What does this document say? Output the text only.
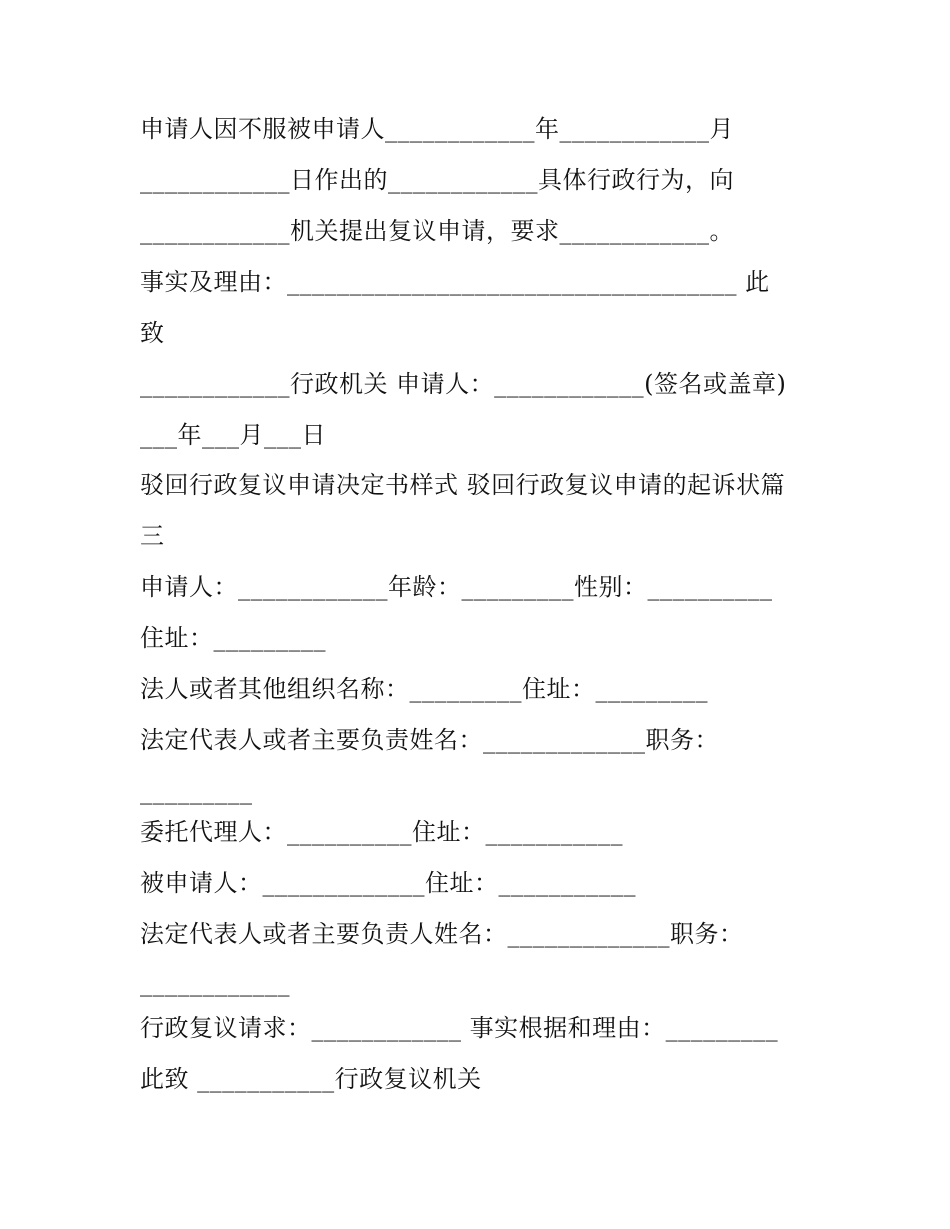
申请人因不服被申请人____________年____________月
____________日作出的____________具体行政行为，向
____________机关提出复议申请，要求____________。
事实及理由：____________________________________ 此
致
____________行政机关 申请人：____________(签名或盖章)
___年___月___日
驳回行政复议申请决定书样式 驳回行政复议申请的起诉状篇
三
申请人：____________年龄：_________性别：__________
住址：_________
法人或者其他组织名称：_________住址：_________
法定代表人或者主要负责姓名：_____________职务：
_________
委托代理人：__________住址：___________
被申请人：_____________住址：___________
法定代表人或者主要负责人姓名：_____________职务：
____________
行政复议请求：____________ 事实根据和理由：_________
此致 ___________行政复议机关
